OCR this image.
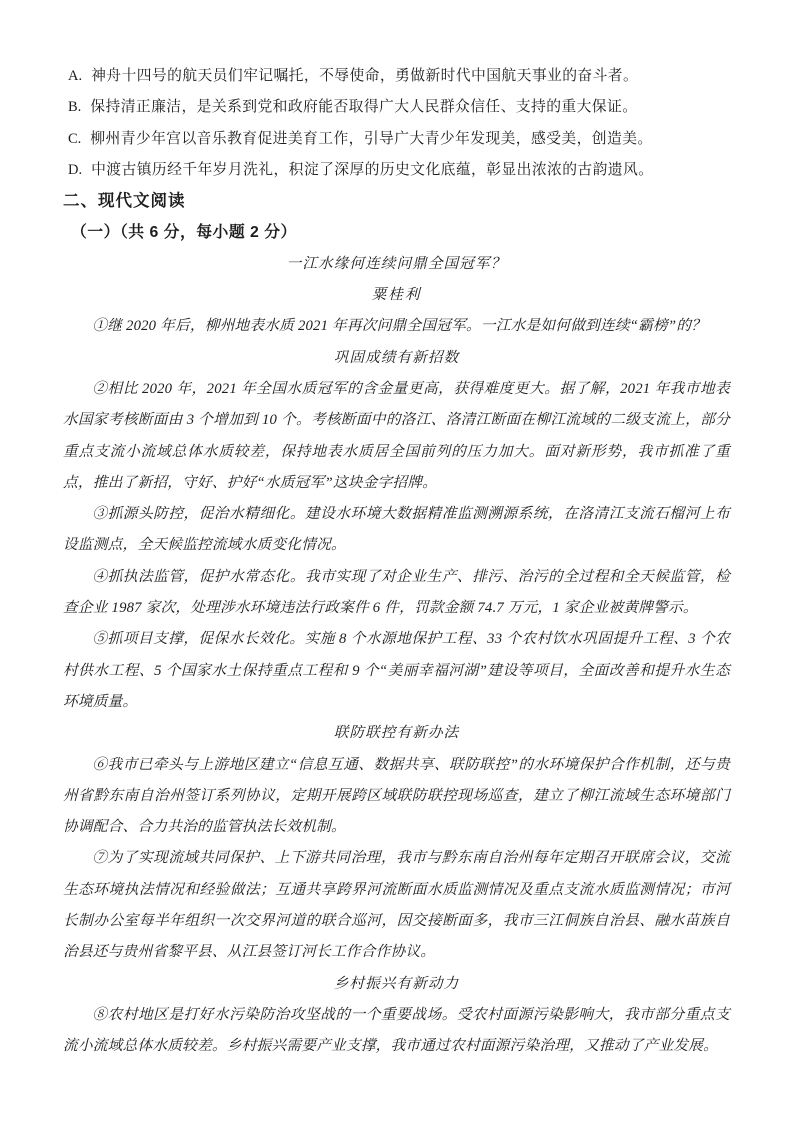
A. 神舟十四号的航天员们牢记嘱托，不辱使命，勇做新时代中国航天事业的奋斗者。
B. 保持清正廉洁，是关系到党和政府能否取得广大人民群众信任、支持的重大保证。
C. 柳州青少年宫以音乐教育促进美育工作，引导广大青少年发现美，感受美，创造美。
D. 中渡古镇历经千年岁月洗礼，积淀了深厚的历史文化底蕴，彰显出浓浓的古韵遗风。
二、现代文阅读
（一）（共 6 分，每小题 2 分）
一江水缘何连续问鼎全国冠军？
粟桂利

①继 2020 年后，柳州地表水质 2021 年再次问鼎全国冠军。一江水是如何做到连续“霸榜”的？

巩固成绩有新招数

②相比 2020 年，2021 年全国水质冠军的含金量更高，获得难度更大。据了解，2021 年我市地表水国家考核断面由 3 个增加到 10 个。考核断面中的洛江、洛清江断面在柳江流域的二级支流上，部分重点支流小流域总体水质较差，保持地表水质居全国前列的压力加大。面对新形势，我市抓准了重点，推出了新招，守好、护好“水质冠军”这块金字招牌。

③抓源头防控，促治水精细化。建设水环境大数据精准监测溯源系统，在洛清江支流石榴河上布设监测点，全天候监控流域水质变化情况。

④抓执法监管，促护水常态化。我市实现了对企业生产、排污、治污的全过程和全天候监管，检查企业 1987 家次，处理涉水环境违法行政案件 6 件，罚款金额 74.7 万元，1 家企业被黄牌警示。

⑤抓项目支撑，促保水长效化。实施 8 个水源地保护工程、33 个农村饮水巩固提升工程、3 个农村供水工程、5 个国家水土保持重点工程和 9 个“美丽幸福河湖”建设等项目，全面改善和提升水生态环境质量。

联防联控有新办法

⑥我市已牵头与上游地区建立“信息互通、数据共享、联防联控”的水环境保护合作机制，还与贵州省黔东南自治州签订系列协议，定期开展跨区域联防联控现场巡查，建立了柳江流域生态环境部门协调配合、合力共治的监管执法长效机制。

⑦为了实现流域共同保护、上下游共同治理，我市与黔东南自治州每年定期召开联席会议，交流生态环境执法情况和经验做法；互通共享跨界河流断面水质监测情况及重点支流水质监测情况；市河长制办公室每半年组织一次交界河道的联合巡河，因交接断面多，我市三江侗族自治县、融水苗族自治县还与贵州省黎平县、从江县签订河长工作合作协议。

乡村振兴有新动力

⑧农村地区是打好水污染防治攻坚战的一个重要战场。受农村面源污染影响大，我市部分重点支流小流域总体水质较差。乡村振兴需要产业支撑，我市通过农村面源污染治理，又推动了产业发展。
